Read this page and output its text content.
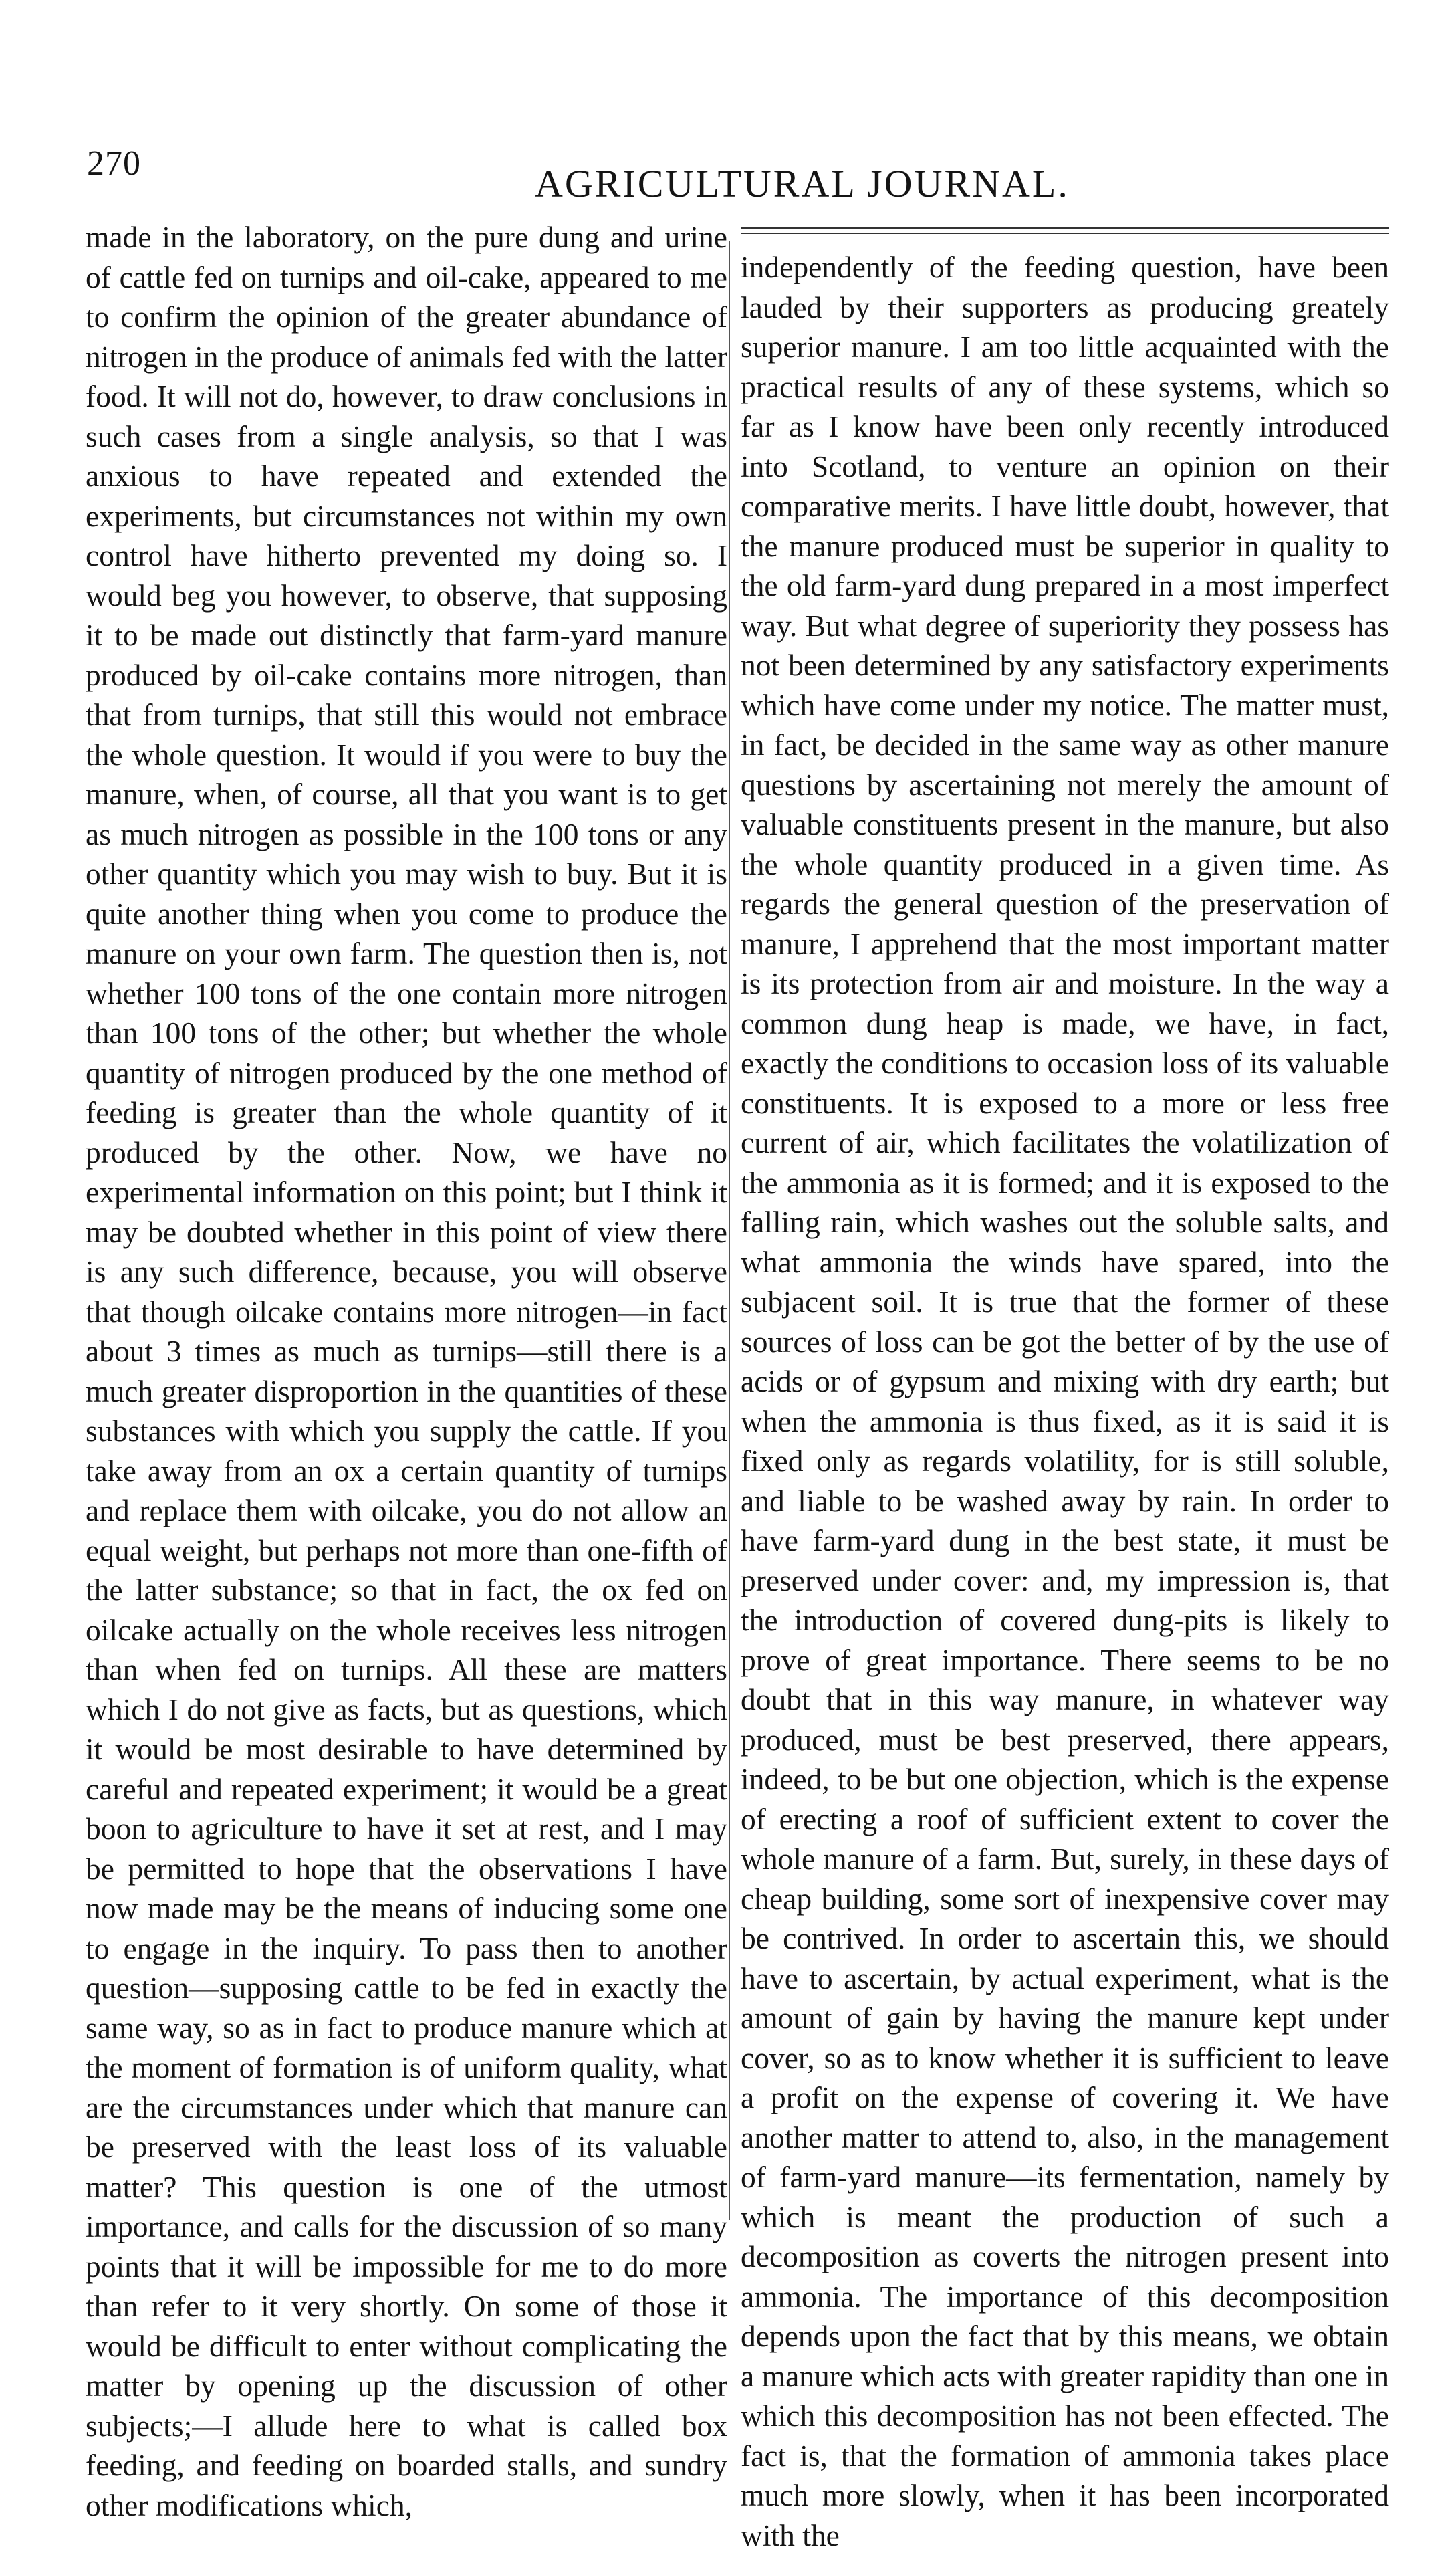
270	AGRICULTURAL JOURNAL.

made in the laboratory, on the pure dung and urine of cattle fed on turnips and oil-cake, appeared to me to confirm the opinion of the greater abundance of nitrogen in the produce of animals fed with the latter food. It will not do, however, to draw conclusions in such cases from a single analysis, so that I was anxious to have repeated and extended the experiments, but circumstances not within my own control have hitherto prevented my doing so. I would beg you however, to observe, that supposing it to be made out distinctly that farm-yard manure produced by oil-cake contains more nitrogen, than that from turnips, that still this would not embrace the whole question. It would if you were to buy the manure, when, of course, all that you want is to get as much nitrogen as possible in the 100 tons or any other quantity which you may wish to buy. But it is quite another thing when you come to produce the manure on your own farm. The question then is, not whether 100 tons of the one contain more nitrogen than 100 tons of the other; but whether the whole quantity of nitrogen produced by the one method of feeding is greater than the whole quantity of it produced by the other. Now, we have no experimental information on this point; but I think it may be doubted whether in this point of view there is any such difference, because, you will observe that though oilcake contains more nitrogen—in fact about 3 times as much as turnips—still there is a much greater disproportion in the quantities of these substances with which you supply the cattle. If you take away from an ox a certain quantity of turnips and replace them with oilcake, you do not allow an equal weight, but perhaps not more than one-fifth of the latter substance; so that in fact, the ox fed on oilcake actually on the whole receives less nitrogen than when fed on turnips. All these are matters which I do not give as facts, but as questions, which it would be most desirable to have determined by careful and repeated experiment; it would be a great boon to agriculture to have it set at rest, and I may be permitted to hope that the observations I have now made may be the means of inducing some one to engage in the inquiry. To pass then to another question—supposing cattle to be fed in exactly the same way, so as in fact to produce manure which at the moment of formation is of uniform quality, what are the circumstances under which that manure can be preserved with the least loss of its valuable matter? This question is one of the utmost importance, and calls for the discussion of so many points that it will be impossible for me to do more than refer to it very shortly. On some of those it would be difficult to enter without complicating the matter by opening up the discussion of other subjects;—I allude here to what is called box feeding, and feeding on boarded stalls, and sundry other modifications which,

independently of the feeding question, have been lauded by their supporters as producing greately superior manure. I am too little acquainted with the practical results of any of these systems, which so far as I know have been only recently introduced into Scotland, to venture an opinion on their comparative merits. I have little doubt, however, that the manure produced must be superior in quality to the old farm-yard dung prepared in a most imperfect way. But what degree of superiority they possess has not been determined by any satisfactory experiments which have come under my notice. The matter must, in fact, be decided in the same way as other manure questions by ascertaining not merely the amount of valuable constituents present in the manure, but also the whole quantity produced in a given time. As regards the general question of the preservation of manure, I apprehend that the most important matter is its protection from air and moisture. In the way a common dung heap is made, we have, in fact, exactly the conditions to occasion loss of its valuable constituents. It is exposed to a more or less free current of air, which facilitates the volatilization of the ammonia as it is formed; and it is exposed to the falling rain, which washes out the soluble salts, and what ammonia the winds have spared, into the subjacent soil. It is true that the former of these sources of loss can be got the better of by the use of acids or of gypsum and mixing with dry earth; but when the ammonia is thus fixed, as it is said it is fixed only as regards volatility, for is still soluble, and liable to be washed away by rain. In order to have farm-yard dung in the best state, it must be preserved under cover: and, my impression is, that the introduction of covered dung-pits is likely to prove of great importance. There seems to be no doubt that in this way manure, in whatever way produced, must be best preserved, there appears, indeed, to be but one objection, which is the expense of erecting a roof of sufficient extent to cover the whole manure of a farm. But, surely, in these days of cheap building, some sort of inexpensive cover may be contrived. In order to ascertain this, we should have to ascertain, by actual experiment, what is the amount of gain by having the manure kept under cover, so as to know whether it is sufficient to leave a profit on the expense of covering it. We have another matter to attend to, also, in the management of farm-yard manure—its fermentation, namely by which is meant the production of such a decomposition as coverts the nitrogen present into ammonia. The importance of this decomposition depends upon the fact that by this means, we obtain a manure which acts with greater rapidity than one in which this decomposition has not been effected. The fact is, that the formation of ammonia takes place much more slowly, when it has been incorporated with the
